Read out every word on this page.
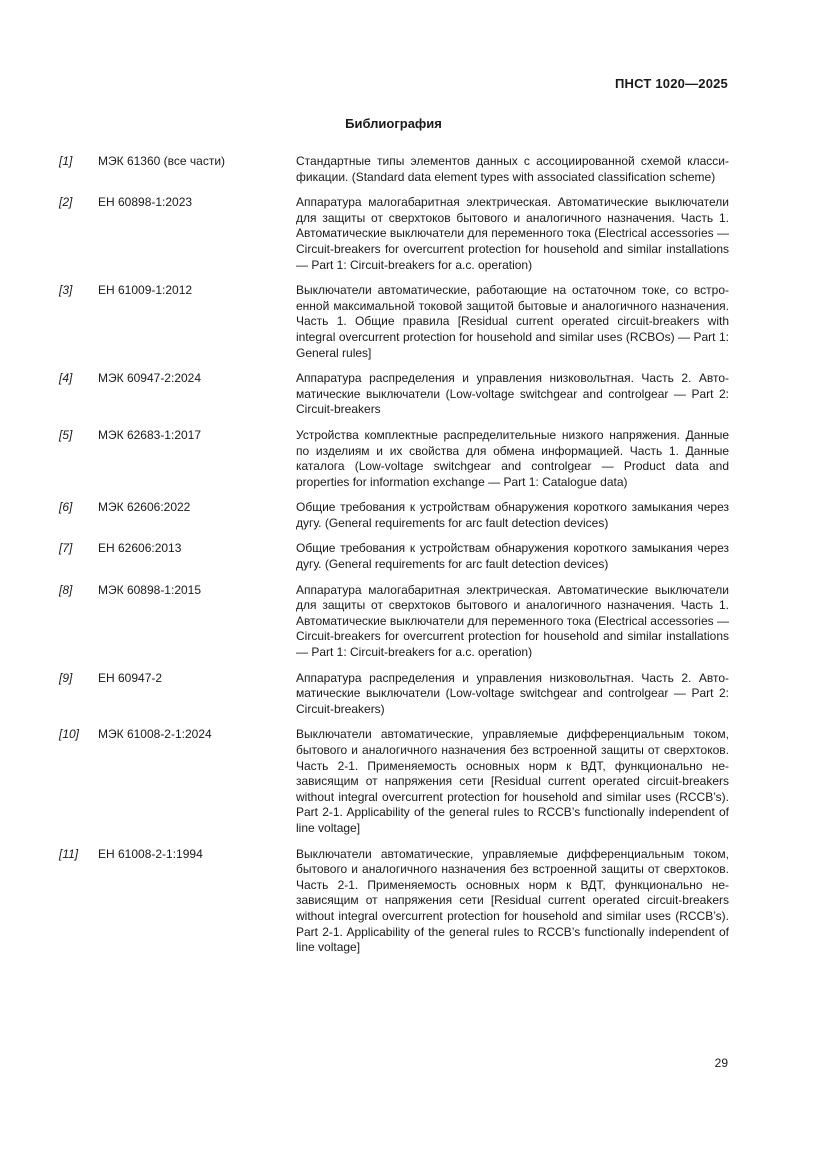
ПНСТ 1020—2025
Библиография
[1]	МЭК 61360 (все части)	Стандартные типы элементов данных с ассоциированной схемой классификации. (Standard data element types with associated classification scheme)
[2]	ЕН 60898-1:2023	Аппаратура малогабаритная электрическая. Автоматические выключатели для защиты от сверхтоков бытового и аналогичного назначения. Часть 1. Автоматические выключатели для переменного тока (Electrical accessories — Circuit-breakers for overcurrent protection for household and similar installations — Part 1: Circuit-breakers for a.c. operation)
[3]	ЕН 61009-1:2012	Выключатели автоматические, работающие на остаточном токе, со встроенной максимальной токовой защитой бытовые и аналогичного назначения. Часть 1. Общие правила [Residual current operated circuit-breakers with integral overcurrent protection for household and similar uses (RCBOs) — Part 1: General rules]
[4]	МЭК 60947-2:2024	Аппаратура распределения и управления низковольтная. Часть 2. Автоматические выключатели (Low-voltage switchgear and controlgear — Part 2: Circuit-breakers
[5]	МЭК 62683-1:2017	Устройства комплектные распределительные низкого напряжения. Данные по изделиям и их свойства для обмена информацией. Часть 1. Данные каталога (Low-voltage switchgear and controlgear — Product data and properties for information exchange — Part 1: Catalogue data)
[6]	МЭК 62606:2022	Общие требования к устройствам обнаружения короткого замыкания через дугу. (General requirements for arc fault detection devices)
[7]	ЕН 62606:2013	Общие требования к устройствам обнаружения короткого замыкания через дугу. (General requirements for arc fault detection devices)
[8]	МЭК 60898-1:2015	Аппаратура малогабаритная электрическая. Автоматические выключатели для защиты от сверхтоков бытового и аналогичного назначения. Часть 1. Автоматические выключатели для переменного тока (Electrical accessories — Circuit-breakers for overcurrent protection for household and similar installations — Part 1: Circuit-breakers for a.c. operation)
[9]	ЕН 60947-2	Аппаратура распределения и управления низковольтная. Часть 2. Автоматические выключатели (Low-voltage switchgear and controlgear — Part 2: Circuit-breakers)
[10]	МЭК 61008-2-1:2024	Выключатели автоматические, управляемые дифференциальным током, бытового и аналогичного назначения без встроенной защиты от сверхтоков. Часть 2-1. Применяемость основных норм к ВДТ, функционально независящим от напряжения сети [Residual current operated circuit-breakers without integral overcurrent protection for household and similar uses (RCCB’s). Part 2-1. Applicability of the general rules to RCCB’s functionally independent of line voltage]
[11]	ЕН 61008-2-1:1994	Выключатели автоматические, управляемые дифференциальным током, бытового и аналогичного назначения без встроенной защиты от сверхтоков. Часть 2-1. Применяемость основных норм к ВДТ, функционально независящим от напряжения сети [Residual current operated circuit-breakers without integral overcurrent protection for household and similar uses (RCCB’s). Part 2-1. Applicability of the general rules to RCCB’s functionally independent of line voltage]
29
